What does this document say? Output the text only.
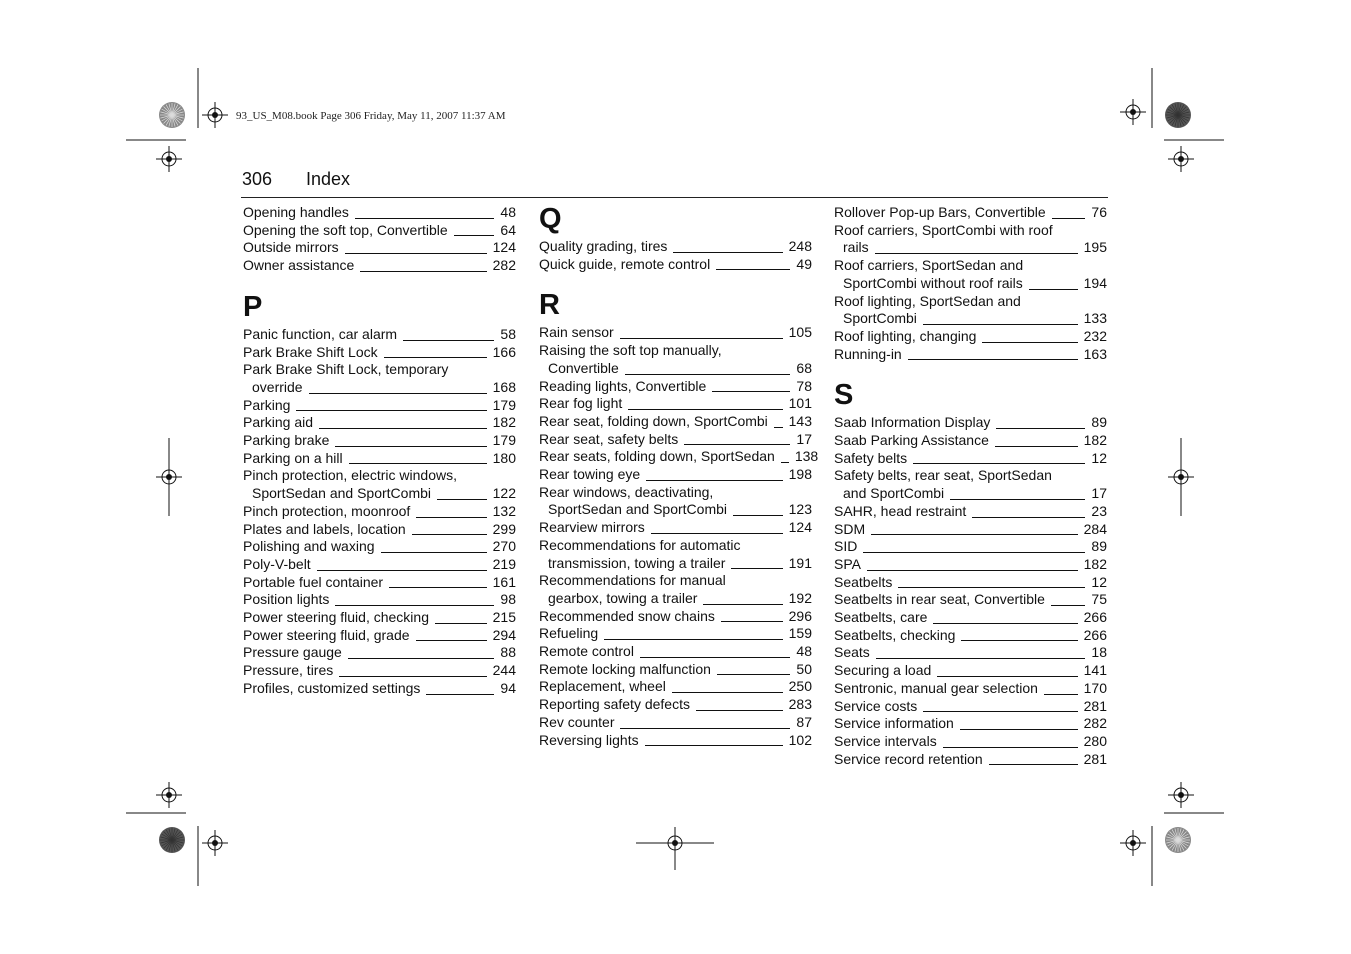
93_US_M08.book Page 306 Friday, May 11, 2007 11:37 AM
306 Index
Opening handles	48
Opening the soft top, Convertible	64
Outside mirrors	124
Owner assistance	282
P
Panic function, car alarm	58
Park Brake Shift Lock	166
Park Brake Shift Lock, temporary
override	168
Parking	179
Parking aid	182
Parking brake	179
Parking on a hill	180
Pinch protection, electric windows,
SportSedan and SportCombi	122
Pinch protection, moonroof	132
Plates and labels, location	299
Polishing and waxing	270
Poly-V-belt	219
Portable fuel container	161
Position lights	98
Power steering fluid, checking	215
Power steering fluid, grade	294
Pressure gauge	88
Pressure, tires	244
Profiles, customized settings	94
Q
Quality grading, tires	248
Quick guide, remote control	49
R
Rain sensor	105
Raising the soft top manually,
Convertible	68
Reading lights, Convertible	78
Rear fog light	101
Rear seat, folding down, SportCombi 143
Rear seat, safety belts	17
Rear seats, folding down, SportSedan 138
Rear towing eye	198
Rear windows, deactivating,
SportSedan and SportCombi	123
Rearview mirrors	124
Recommendations for automatic
transmission, towing a trailer	191
Recommendations for manual
gearbox, towing a trailer	192
Recommended snow chains	296
Refueling	159
Remote control	48
Remote locking malfunction	50
Replacement, wheel	250
Reporting safety defects	283
Rev counter	87
Reversing lights	102
Rollover Pop-up Bars, Convertible	76
Roof carriers, SportCombi with roof
rails	195
Roof carriers, SportSedan and
SportCombi without roof rails	194
Roof lighting, SportSedan and
SportCombi	133
Roof lighting, changing	232
Running-in	163
S
Saab Information Display	89
Saab Parking Assistance	182
Safety belts	12
Safety belts, rear seat, SportSedan
and SportCombi	17
SAHR, head restraint	23
SDM	284
SID	89
SPA	182
Seatbelts	12
Seatbelts in rear seat, Convertible	75
Seatbelts, care	266
Seatbelts, checking	266
Seats	18
Securing a load	141
Sentronic, manual gear selection	170
Service costs	281
Service information	282
Service intervals	280
Service record retention	281
